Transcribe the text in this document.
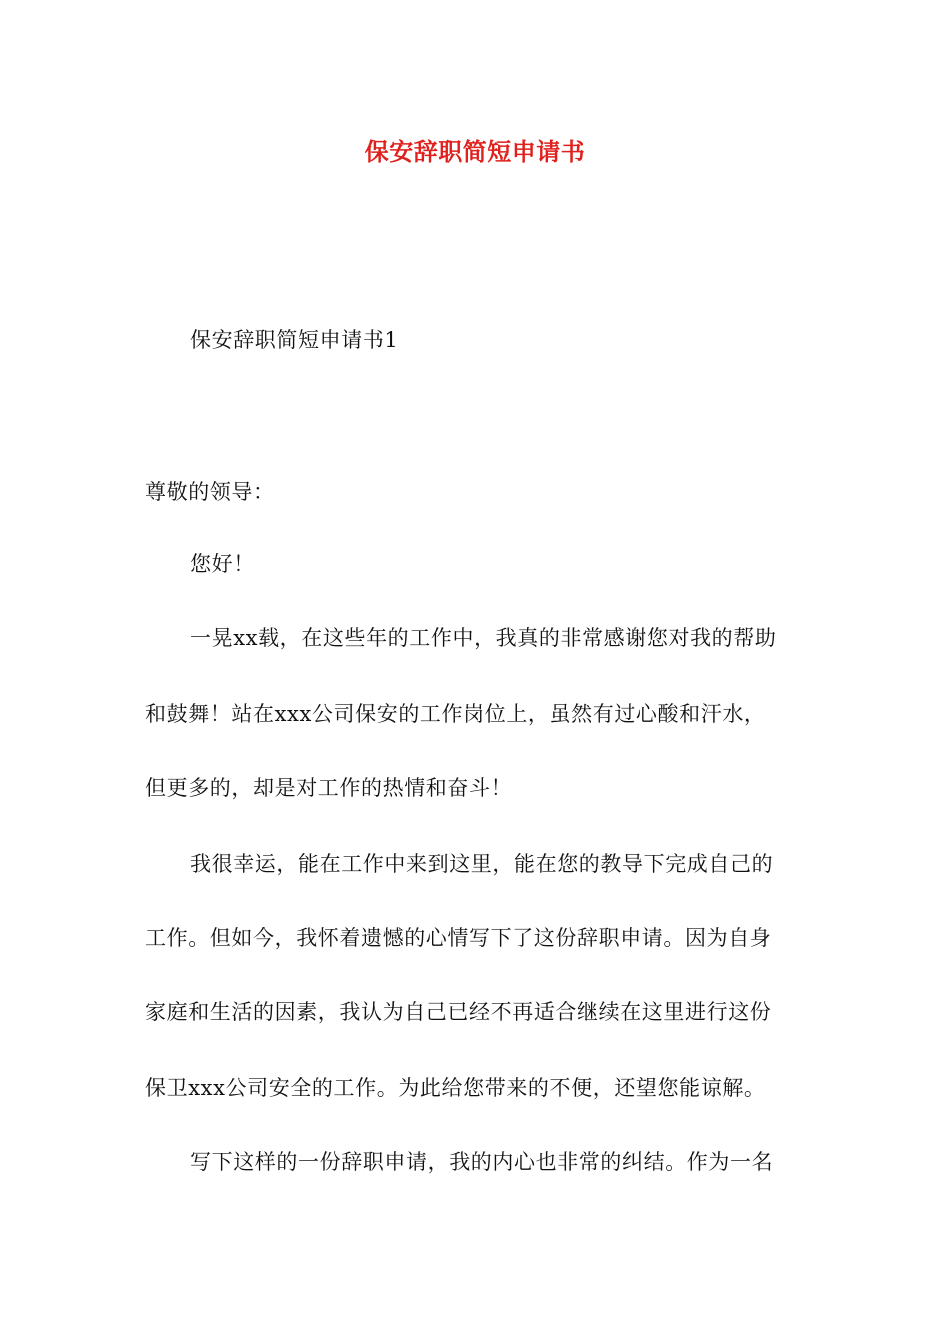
保安辞职简短申请书
保安辞职简短申请书1
尊敬的领导：
您好！
一晃xx载，在这些年的工作中，我真的非常感谢您对我的帮助
和鼓舞！站在xxx公司保安的工作岗位上，虽然有过心酸和汗水，
但更多的，却是对工作的热情和奋斗！
我很幸运，能在工作中来到这里，能在您的教导下完成自己的
工作。但如今，我怀着遗憾的心情写下了这份辞职申请。因为自身
家庭和生活的因素，我认为自己已经不再适合继续在这里进行这份
保卫xxx公司安全的工作。为此给您带来的不便，还望您能谅解。
写下这样的一份辞职申请，我的内心也非常的纠结。作为一名
